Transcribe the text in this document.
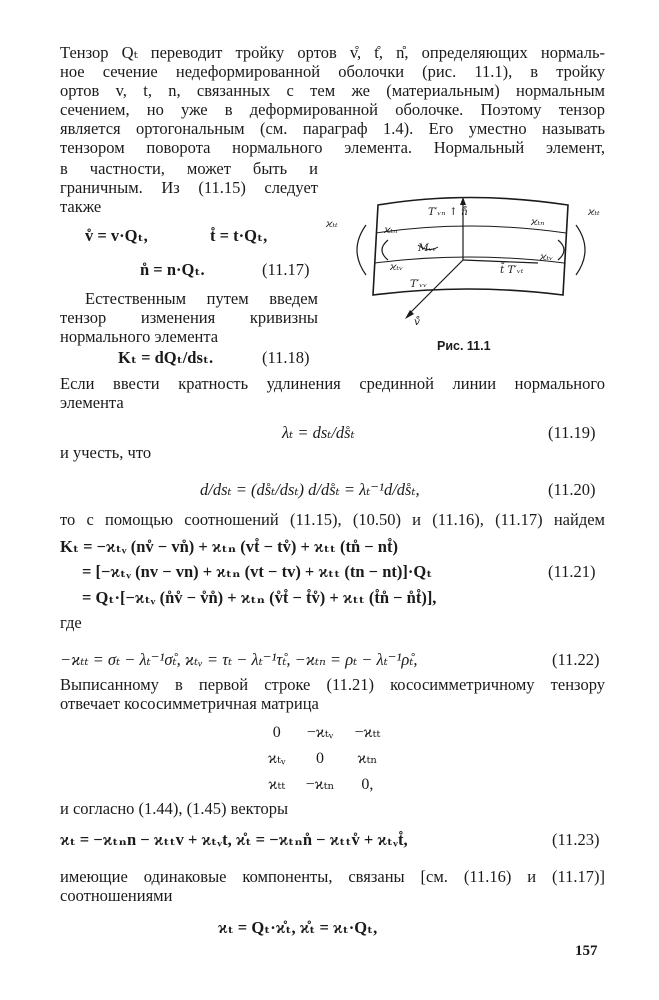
Тензор Qₜ переводит тройку ортов v̊, t̊, n̊, определяющих нормаль-
ное сечение недеформированной оболочки (рис. 11.1), в тройку
ортов v, t, n, связанных с тем же (материальным) нормальным
сечением, но уже в деформированной оболочке. Поэтому тензор
является ортогональным (см. параграф 1.4). Его уместно называть
тензором поворота нормального элемента. Нормальный элемент,
в частности, может быть и
граничным. Из (11.15) следует
также
v̊ = v·Qₜ,	t̊ = t·Qₜ,
n̊ = n·Qₜ.	(11.17)
Естественным путем введем
тензор изменения кривизны
нормального элемента
Kₜ = dQₜ/dsₜ.	(11.18)
T′ᵥₙ ↑ n̊
ϰₜₜ	ϰₜₙ
Mᵥᵥ
ϰₜᵥ
T′ᵥᵥ
v̊
ϰₜₙ
ϰₜₜ
ϰₜᵥ
t̊ T′ᵥₜ
Рис. 11.1
Если ввести кратность удлинения срединной линии нормального
элемента
λₜ = dsₜ/ds̊ₜ	(11.19)
и учесть, что
d/dsₜ = (ds̊ₜ/dsₜ) d/ds̊ₜ = λₜ⁻¹d/ds̊ₜ,	(11.20)
то с помощью соотношений (11.15), (10.50) и (11.16), (11.17) найдем
Kₜ = −ϰₜᵥ (nv̊ − vn̊) + ϰₜₙ (vt̊ − tv̊) + ϰₜₜ (tn̊ − nt̊)
= [−ϰₜᵥ (nv − vn) + ϰₜₙ (vt − tv) + ϰₜₜ (tn − nt)]·Qₜ	(11.21)
= Qₜ·[−ϰₜᵥ (n̊v̊ − v̊n̊) + ϰₜₙ (v̊t̊ − t̊v̊) + ϰₜₜ (t̊n̊ − n̊t̊)],
где
−ϰₜₜ = σₜ − λₜ⁻¹σ̊ₜ, ϰₜᵥ = τₜ − λₜ⁻¹τ̊ₜ, −ϰₜₙ = ρₜ − λₜ⁻¹ρ̊ₜ,	(11.22)
Выписанному в первой строке (11.21) кососимметричному тензору
отвечает кососимметричная матрица
0	−ϰₜᵥ	−ϰₜₜ
ϰₜᵥ	0	ϰₜₙ
ϰₜₜ	−ϰₜₙ	0,
и согласно (1.44), (1.45) векторы
ϰₜ = −ϰₜₙn − ϰₜₜv + ϰₜᵥt, ϰ̊ₜ = −ϰₜₙn̊ − ϰₜₜv̊ + ϰₜᵥt̊,	(11.23)
имеющие одинаковые компоненты, связаны [см. (11.16) и (11.17)]
соотношениями
ϰₜ = Qₜ·ϰ̊ₜ, ϰ̊ₜ = ϰₜ·Qₜ,
157
